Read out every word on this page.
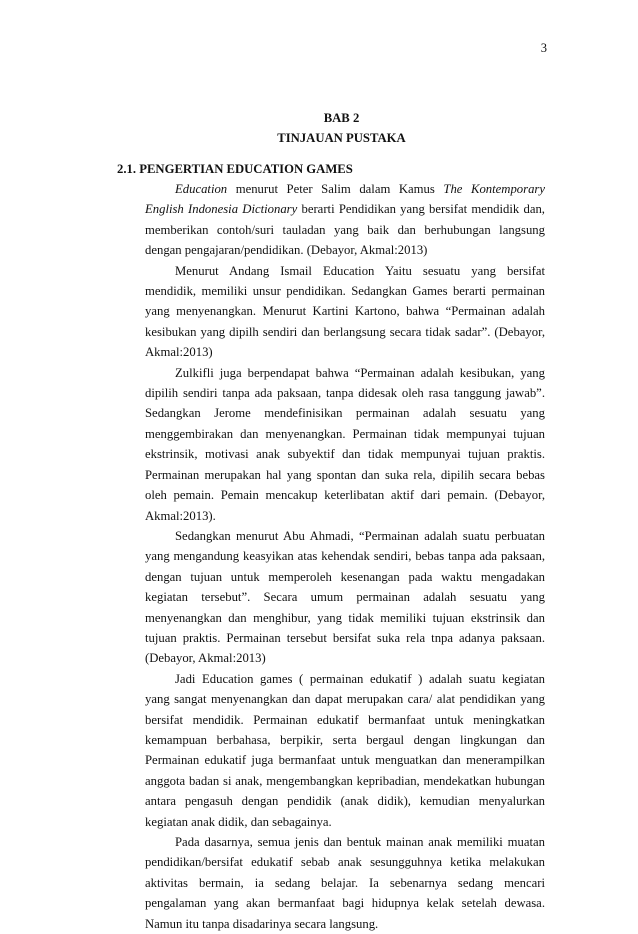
3
BAB 2
TINJAUAN PUSTAKA
2.1. PENGERTIAN EDUCATION GAMES

Education menurut Peter Salim dalam Kamus The Kontemporary
English Indonesia Dictionary berarti Pendidikan yang bersifat mendidik dan,
memberikan contoh/suri tauladan yang baik dan berhubungan langsung
dengan pengajaran/pendidikan. (Debayor, Akmal:2013)

Menurut Andang Ismail Education Yaitu sesuatu yang bersifat
mendidik, memiliki unsur pendidikan. Sedangkan Games berarti permainan
yang menyenangkan. Menurut Kartini Kartono, bahwa “Permainan adalah
kesibukan yang dipilh sendiri dan berlangsung secara tidak sadar”. (Debayor,
Akmal:2013)

Zulkifli juga berpendapat bahwa “Permainan adalah kesibukan, yang
dipilih sendiri tanpa ada paksaan, tanpa didesak oleh rasa tanggung jawab”.
Sedangkan Jerome mendefinisikan permainan adalah sesuatu yang
menggembirakan dan menyenangkan. Permainan tidak mempunyai tujuan
ekstrinsik, motivasi anak subyektif dan tidak mempunyai tujuan praktis.
Permainan merupakan hal yang spontan dan suka rela, dipilih secara bebas
oleh pemain. Pemain mencakup keterlibatan aktif dari pemain. (Debayor,
Akmal:2013).

Sedangkan menurut Abu Ahmadi, “Permainan adalah suatu perbuatan
yang mengandung keasyikan atas kehendak sendiri, bebas tanpa ada paksaan,
dengan tujuan untuk memperoleh kesenangan pada waktu mengadakan
kegiatan tersebut”. Secara umum permainan adalah sesuatu yang
menyenangkan dan menghibur, yang tidak memiliki tujuan ekstrinsik dan
tujuan praktis. Permainan tersebut bersifat suka rela tnpa adanya paksaan.
(Debayor, Akmal:2013)

Jadi Education games ( permainan edukatif ) adalah suatu kegiatan
yang sangat menyenangkan dan dapat merupakan cara/ alat pendidikan yang
bersifat mendidik. Permainan edukatif bermanfaat untuk meningkatkan
kemampuan berbahasa, berpikir, serta bergaul dengan lingkungan dan
Permainan edukatif juga bermanfaat untuk menguatkan dan menerampilkan
anggota badan si anak, mengembangkan kepribadian, mendekatkan hubungan
antara pengasuh dengan pendidik (anak didik), kemudian menyalurkan
kegiatan anak didik, dan sebagainya.

Pada dasarnya, semua jenis dan bentuk mainan anak memiliki muatan
pendidikan/bersifat edukatif sebab anak sesungguhnya ketika melakukan
aktivitas bermain, ia sedang belajar. Ia sebenarnya sedang mencari
pengalaman yang akan bermanfaat bagi hidupnya kelak setelah dewasa.
Namun itu tanpa disadarinya secara langsung.
